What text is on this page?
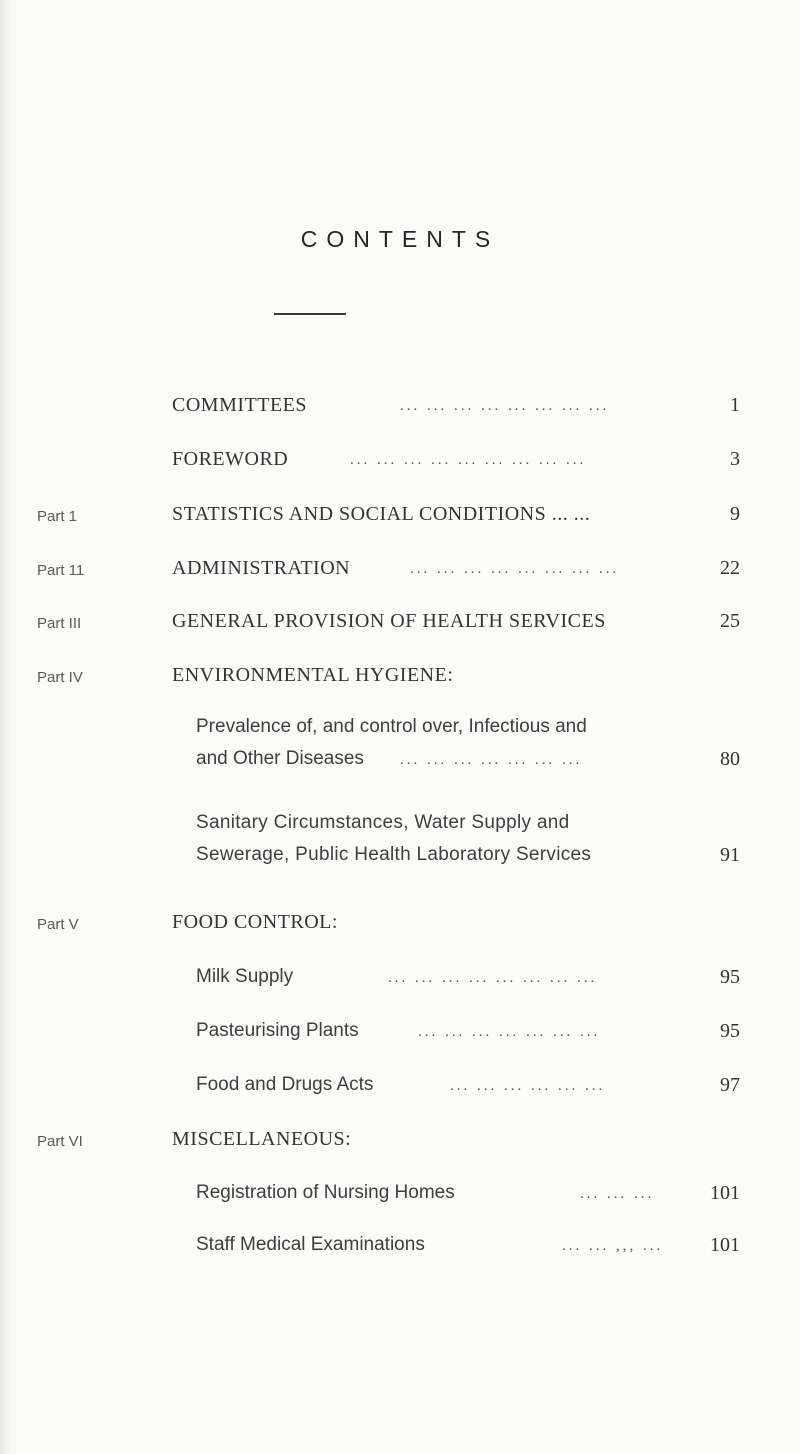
CONTENTS
COMMITTEES	... ... ... ... ... ... ... ...	1
FOREWORD	... ... ... ... ... ... ... ... ...	3
Part 1	STATISTICS AND SOCIAL CONDITIONS ... ...	9
Part 11	ADMINISTRATION	... ... ... ... ... ... ... ...	22
Part III	GENERAL PROVISION OF HEALTH SERVICES	25
Part IV	ENVIRONMENTAL HYGIENE:
Prevalence of, and control over, Infectious and
and Other Diseases ... ... ... ... ... ... ...	80
Sanitary Circumstances, Water Supply and
Sewerage, Public Health Laboratory Services	91
Part V	FOOD CONTROL:
Milk Supply	... ... ... ... ... ... ... ...	95
Pasteurising Plants	... ... ... ... ... ... ...	95
Food and Drugs Acts	... ... ... ... ... ...	97
Part VI	MISCELLANEOUS:
Registration of Nursing Homes	... ... ...	101
Staff Medical Examinations	... ... ,,, ... 101
